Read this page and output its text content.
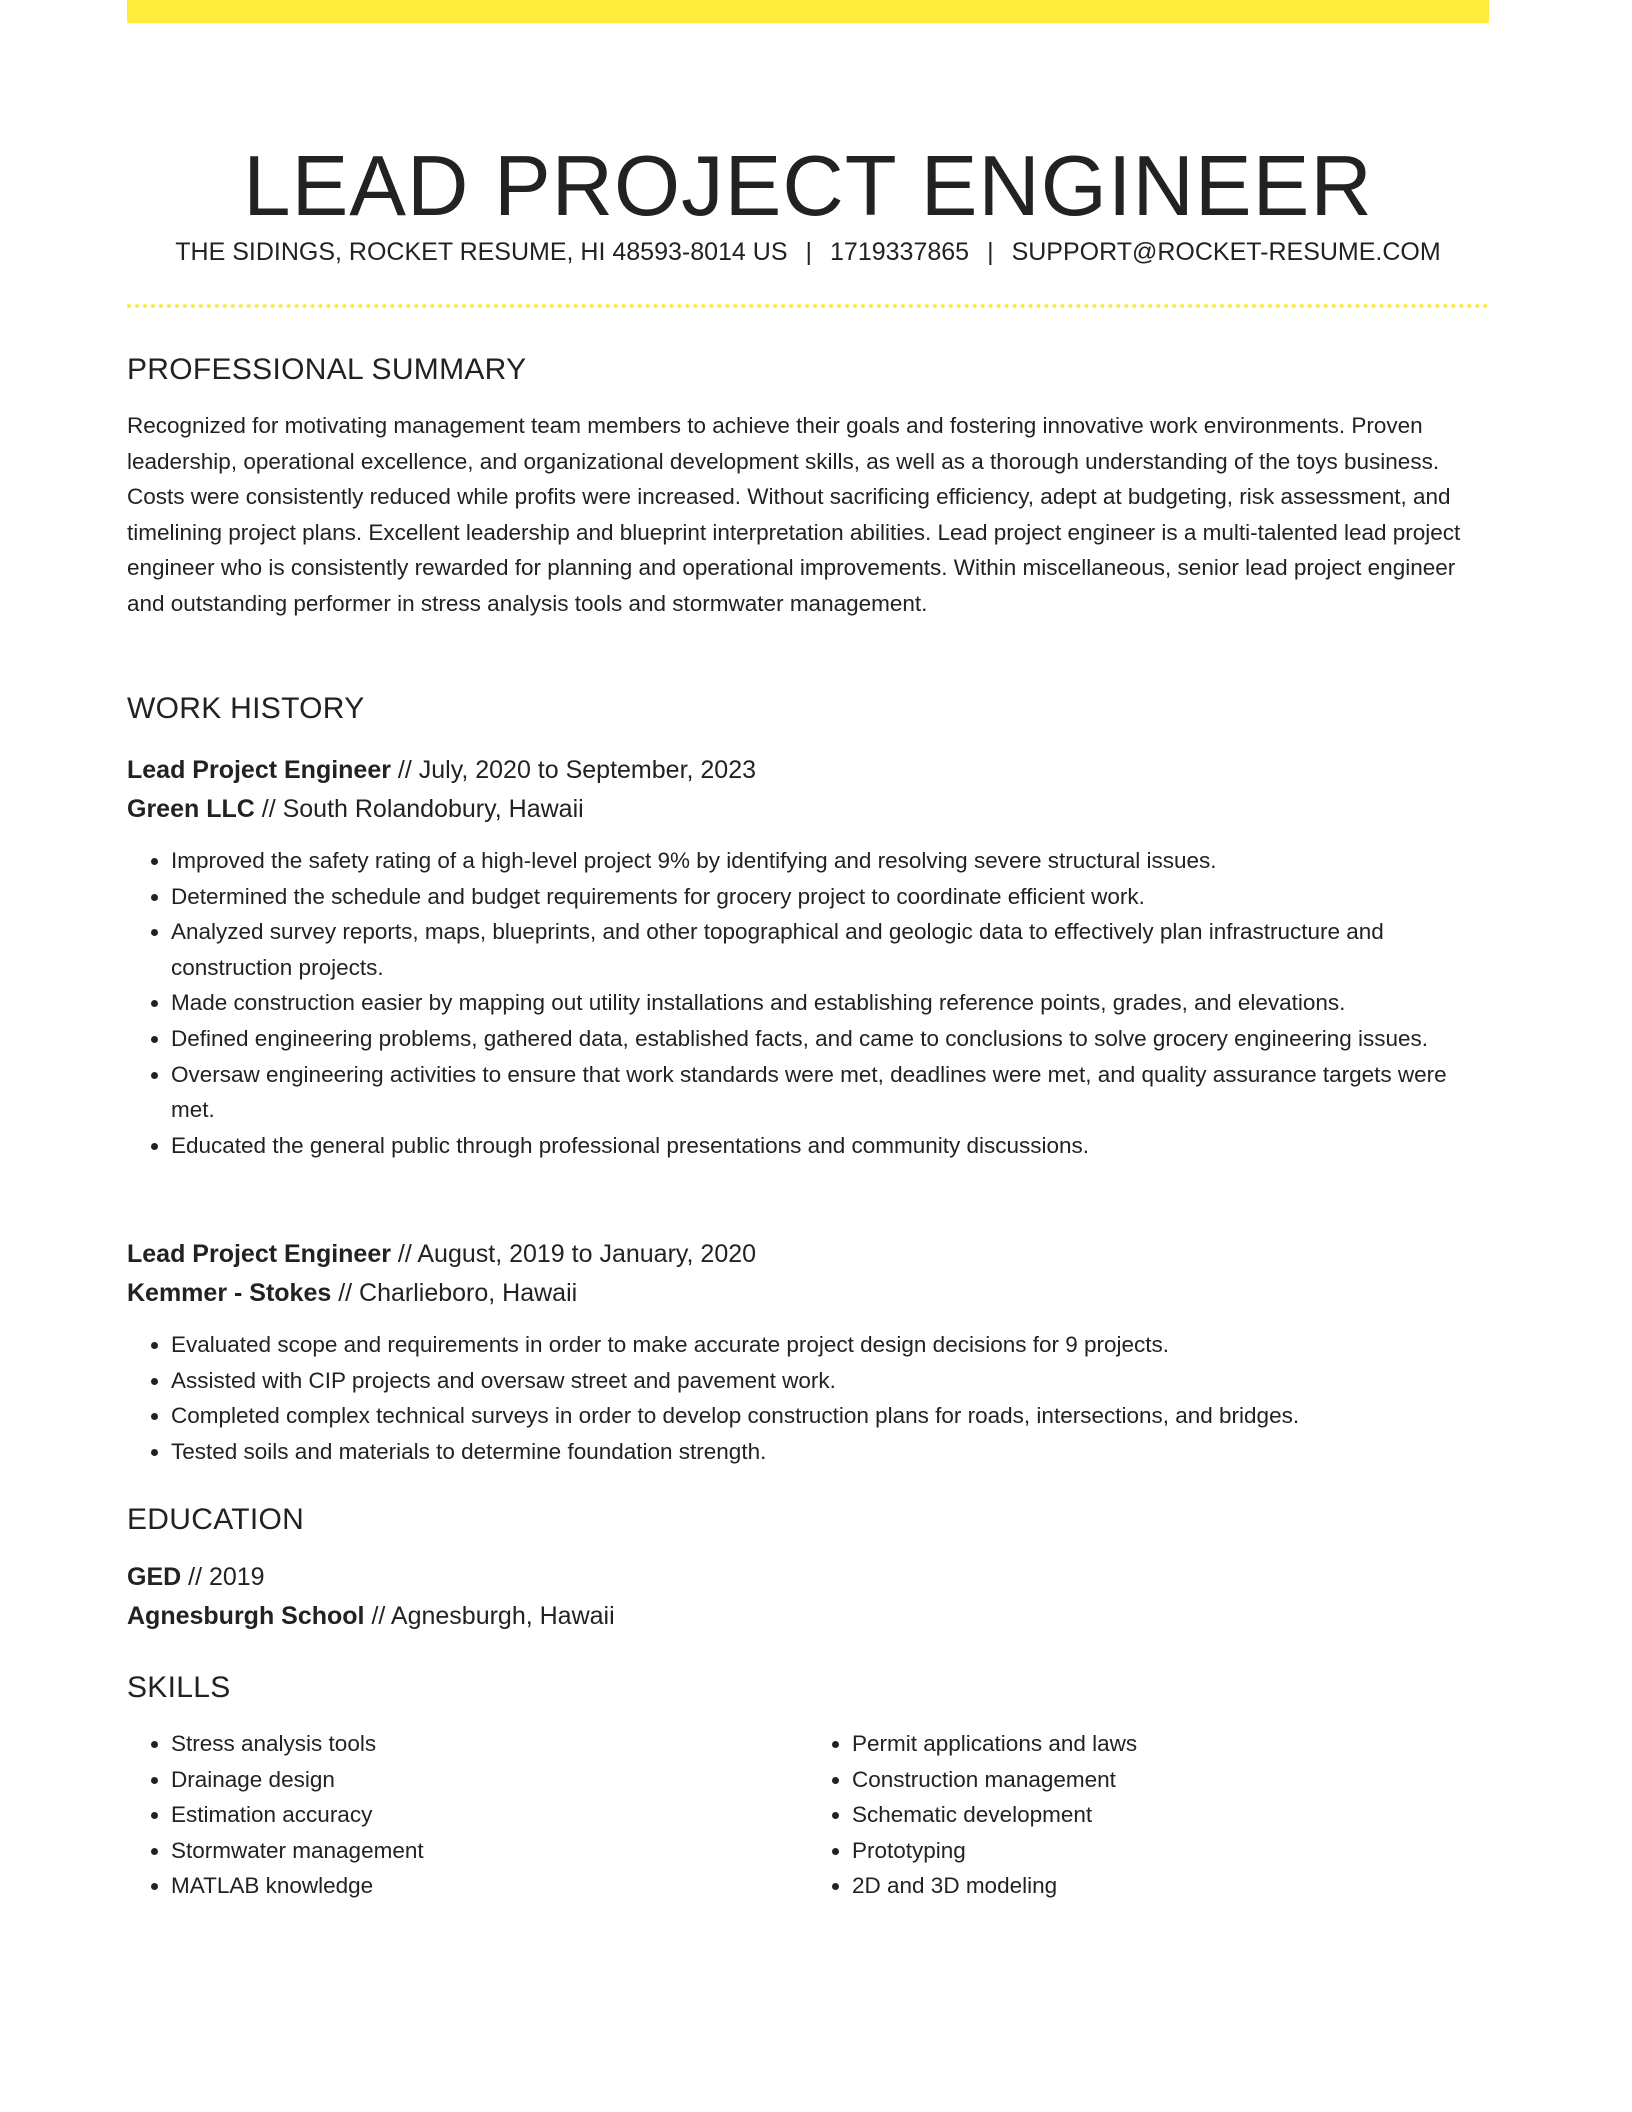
LEAD PROJECT ENGINEER
THE SIDINGS, ROCKET RESUME, HI 48593-8014 US | 1719337865 | SUPPORT@ROCKET-RESUME.COM
PROFESSIONAL SUMMARY

Recognized for motivating management team members to achieve their goals and fostering innovative work environments. Proven leadership, operational excellence, and organizational development skills, as well as a thorough understanding of the toys business. Costs were consistently reduced while profits were increased. Without sacrificing efficiency, adept at budgeting, risk assessment, and timelining project plans. Excellent leadership and blueprint interpretation abilities. Lead project engineer is a multi-talented lead project engineer who is consistently rewarded for planning and operational improvements. Within miscellaneous, senior lead project engineer and outstanding performer in stress analysis tools and stormwater management.

WORK HISTORY
Lead Project Engineer // July, 2020 to September, 2023
Green LLC // South Rolandobury, Hawaii
• Improved the safety rating of a high-level project 9% by identifying and resolving severe structural issues.
• Determined the schedule and budget requirements for grocery project to coordinate efficient work.
• Analyzed survey reports, maps, blueprints, and other topographical and geologic data to effectively plan infrastructure and construction projects.
• Made construction easier by mapping out utility installations and establishing reference points, grades, and elevations.
• Defined engineering problems, gathered data, established facts, and came to conclusions to solve grocery engineering issues.
• Oversaw engineering activities to ensure that work standards were met, deadlines were met, and quality assurance targets were met.
• Educated the general public through professional presentations and community discussions.
Lead Project Engineer // August, 2019 to January, 2020
Kemmer - Stokes // Charlieboro, Hawaii
• Evaluated scope and requirements in order to make accurate project design decisions for 9 projects.
• Assisted with CIP projects and oversaw street and pavement work.
• Completed complex technical surveys in order to develop construction plans for roads, intersections, and bridges.
• Tested soils and materials to determine foundation strength.
EDUCATION
GED // 2019
Agnesburgh School // Agnesburgh, Hawaii
SKILLS
• Stress analysis tools
• Drainage design
• Estimation accuracy
• Stormwater management
• MATLAB knowledge
• Permit applications and laws
• Construction management
• Schematic development
• Prototyping
• 2D and 3D modeling
